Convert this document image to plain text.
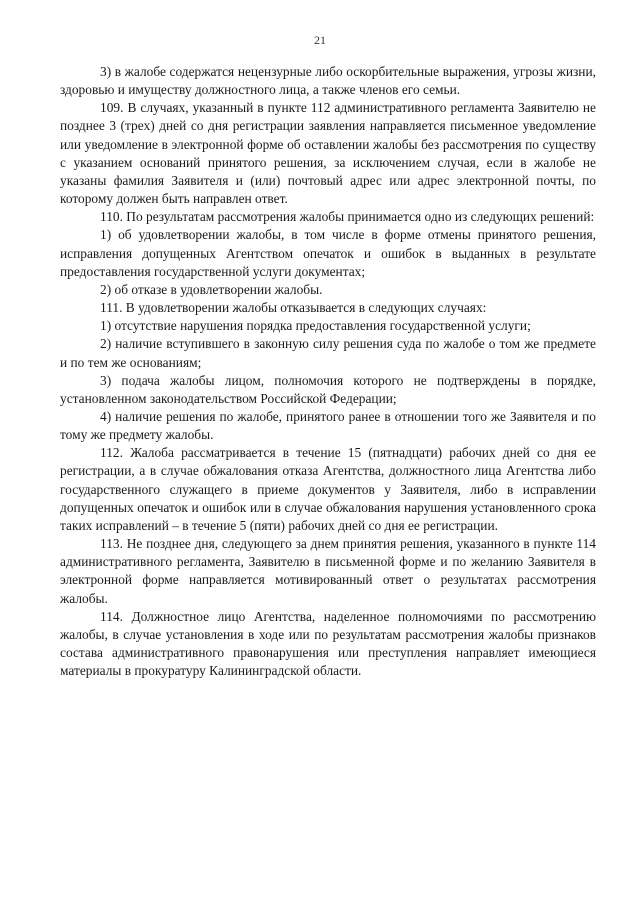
21

3) в жалобе содержатся нецензурные либо оскорбительные выражения, угрозы жизни, здоровью и имуществу должностного лица, а также членов его семьи.

109. В случаях, указанный в пункте 112 административного регламента Заявителю не позднее 3 (трех) дней со дня регистрации заявления направляется письменное уведомление или уведомление в электронной форме об оставлении жалобы без рассмотрения по существу с указанием оснований принятого решения, за исключением случая, если в жалобе не указаны фамилия Заявителя и (или) почтовый адрес или адрес электронной почты, по которому должен быть направлен ответ.

110. По результатам рассмотрения жалобы принимается одно из следующих решений:

1) об удовлетворении жалобы, в том числе в форме отмены принятого решения, исправления допущенных Агентством опечаток и ошибок в выданных в результате предоставления государственной услуги документах;

2) об отказе в удовлетворении жалобы.

111. В удовлетворении жалобы отказывается в следующих случаях:

1) отсутствие нарушения порядка предоставления государственной услуги;

2) наличие вступившего в законную силу решения суда по жалобе о том же предмете и по тем же основаниям;

3) подача жалобы лицом, полномочия которого не подтверждены в порядке, установленном законодательством Российской Федерации;

4) наличие решения по жалобе, принятого ранее в отношении того же Заявителя и по тому же предмету жалобы.

112. Жалоба рассматривается в течение 15 (пятнадцати) рабочих дней со дня ее регистрации, а в случае обжалования отказа Агентства, должностного лица Агентства либо государственного служащего в приеме документов у Заявителя, либо в исправлении допущенных опечаток и ошибок или в случае обжалования нарушения установленного срока таких исправлений – в течение 5 (пяти) рабочих дней со дня ее регистрации.

113. Не позднее дня, следующего за днем принятия решения, указанного в пункте 114 административного регламента, Заявителю в письменной форме и по желанию Заявителя в электронной форме направляется мотивированный ответ о результатах рассмотрения жалобы.

114. Должностное лицо Агентства, наделенное полномочиями по рассмотрению жалобы, в случае установления в ходе или по результатам рассмотрения жалобы признаков состава административного правонарушения или преступления направляет имеющиеся материалы в прокуратуру Калининградской области.
